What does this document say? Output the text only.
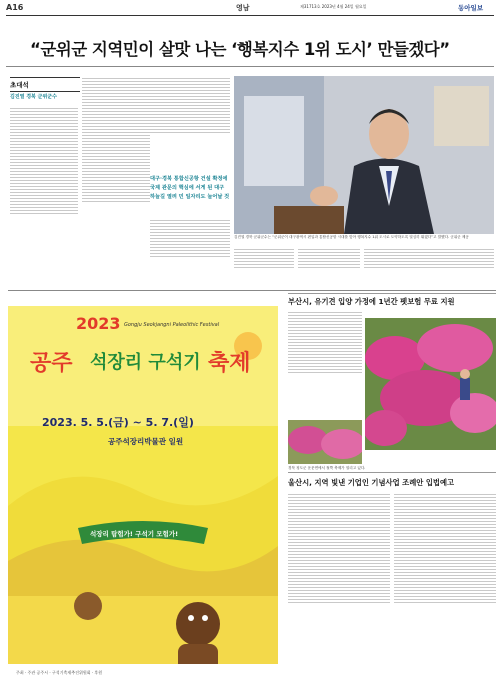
A16	영남	제31713호 2023년 4월 24일 월요일	동아일보
“군위군 지역민이 살맛 나는 ‘행복지수 1위 도시’ 만들겠다”
초대석
김진열 경북 군위군수
대구·경북 통합신공항 건설 확정에 국제 관문의 핵심에 서게 된 대구 하늘길 열려 민 일자리도 늘어날 것
김진열 경북 군위군수는 “군위군이 대구광역시 편입과 통합신공항 시대를 맞아 행복지수 1위 도시로 도약하도록 열심히 뛰겠다”고 말했다. 군위군 제공
2023 Gongju Seokjangni Paleolithic Festival
공주 석장리 구석기 축제
2023. 5. 5.(금) ~ 5. 7.(일)
공주석장리박물관 일원
석장리 탐험가! 구석기 모험가!
주최 · 주관 공주시 · 구석기축제추진위원회 · 후원
부산시, 유기견 입양 가정에 1년간 펫보험 무료 지원
경북 청도군 운문면에서 철쭉 축제가 열리고 있다.
울산시, 지역 빛낸 기업인 기념사업 조례안 입법예고
